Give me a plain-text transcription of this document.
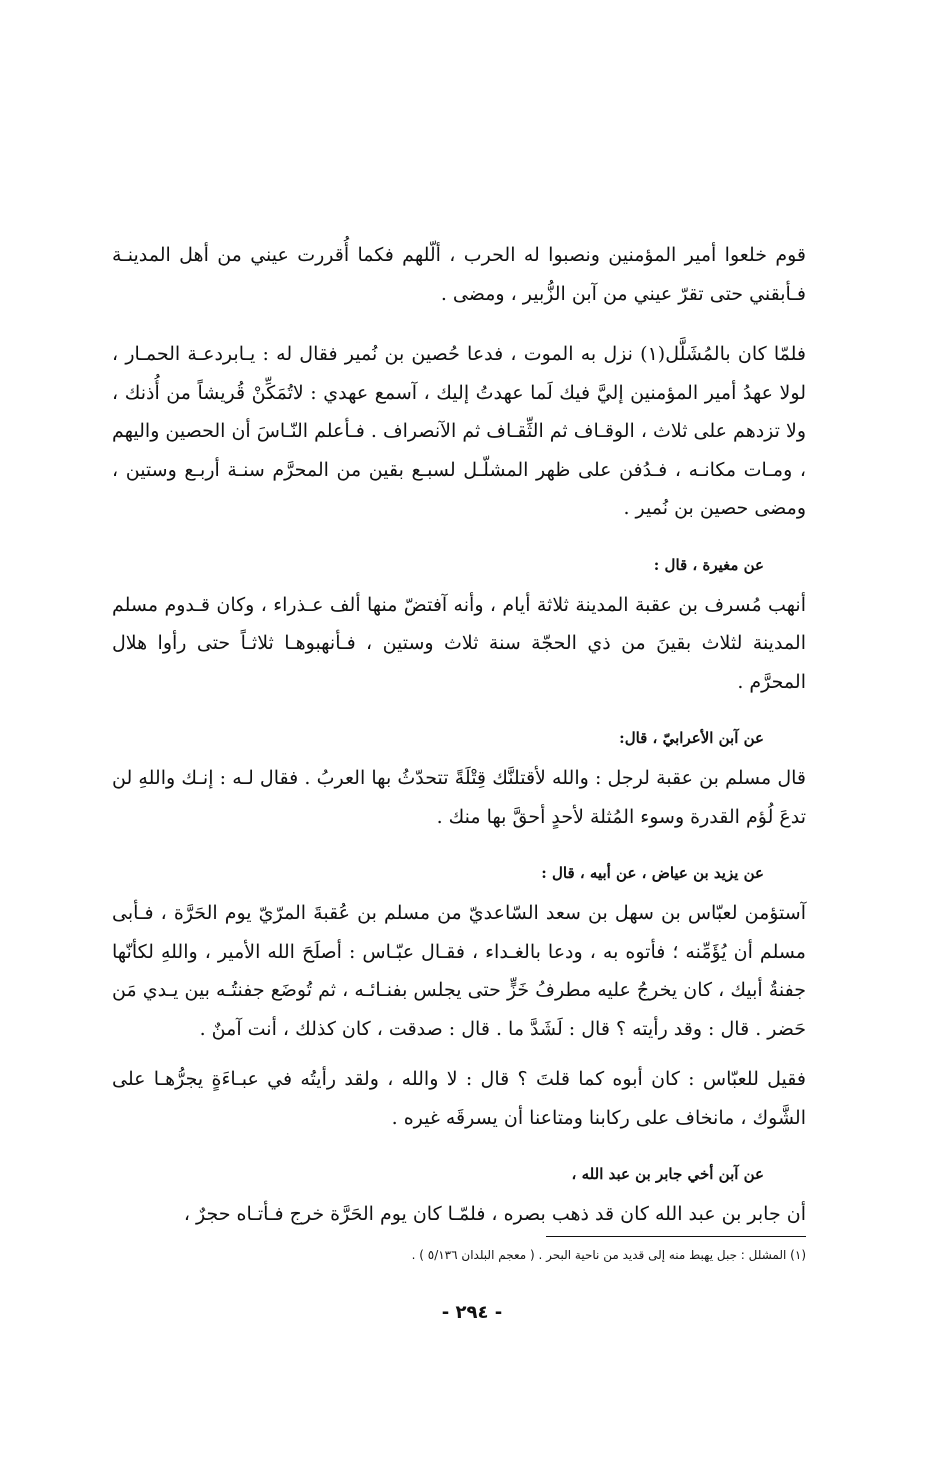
قوم خلعوا أمير المؤمنين ونصبوا له الحرب ، ألّلهم فكما أُقررت عيني من أهل المدينـة فـأبقني حتى تقرّ عيني من آبن الزُّبير ، ومضى .

فلمّا كان بالمُشَلَّل(١) نزل به الموت ، فدعا حُصين بن نُمير فقال له : يـابردعـة الحمـار ، لولا عهدُ أمير المؤمنين إليَّ فيك لَما عهدتُ إليك ، آسمع عهدي : لاتُمَكِّنْ قُريشاً من أُذنك ، ولا تزدهم على ثلاث ، الوقـاف ثم الثِّقـاف ثم الآنصراف . فـأعلم النّـاسَ أن الحصين واليهم ، ومـات مكانـه ، فـدُفن على ظهر المشلّـل لسبـع بقين من المحرَّم سنـة أربـع وستين ، ومضى حصين بن نُمير .

عن مغيرة ، قال :

أنهب مُسرف بن عقبة المدينة ثلاثة أيام ، وأنه آفتضّ منها ألف عـذراء ، وكان قـدوم مسلم المدينة لثلاث بقينَ من ذي الحجّة سنة ثلاث وستين ، فـأنهبوهـا ثلاثـاً حتى رأوا هلال المحرَّم .

عن آبن الأعرابيّ ، قال:

قال مسلم بن عقبة لرجل : والله لأقتلنَّك قِتْلَةً تتحدّثُ بها العربُ . فقال لـه : إنـك واللهِ لن تدعَ لُؤم القدرة وسوء المُثلة لأحدٍ أحقَّ بها منك .

عن يزيد بن عياض ، عن أبيه ، قال :

آستؤمن لعبّاس بن سهل بن سعد السّاعديّ من مسلم بن عُقبةَ المرّيّ يوم الحَرَّة ، فـأبى مسلم أن يُؤَمِّنه ؛ فأتوه به ، ودعا بالغـداء ، فقـال عبّـاس : أصلَحَ الله الأمير ، واللهِ لكأنّها جفنةُ أبيك ، كان يخرجُ عليه مطرفُ خَزٍّ حتى يجلس بفنـائـه ، ثم تُوضَع جفنتُـه بين يـدي مَن حَضر . قال : وقد رأيته ؟ قال : لَشَدَّ ما . قال : صدقت ، كان كذلك ، أنت آمنٌ .

فقيل للعبّاس : كان أبوه كما قلتَ ؟ قال : لا والله ، ولقد رأيتُه في عبـاءَةٍ يجرُّهـا على الشَّوك ، مانخاف على ركابنا ومتاعنا أن يسرقَه غيره .

عن آبن أخي جابر بن عبد الله ،

أن جابر بن عبد الله كان قد ذهب بصره ، فلمّـا كان يوم الحَرَّة خرج فـأتـاه حجرٌ ،

(١) المشلل : جبل يهبط منه إلى قديد من ناحية البحر . ( معجم البلدان ٥/١٣٦ ) .
- ٢٩٤ -
